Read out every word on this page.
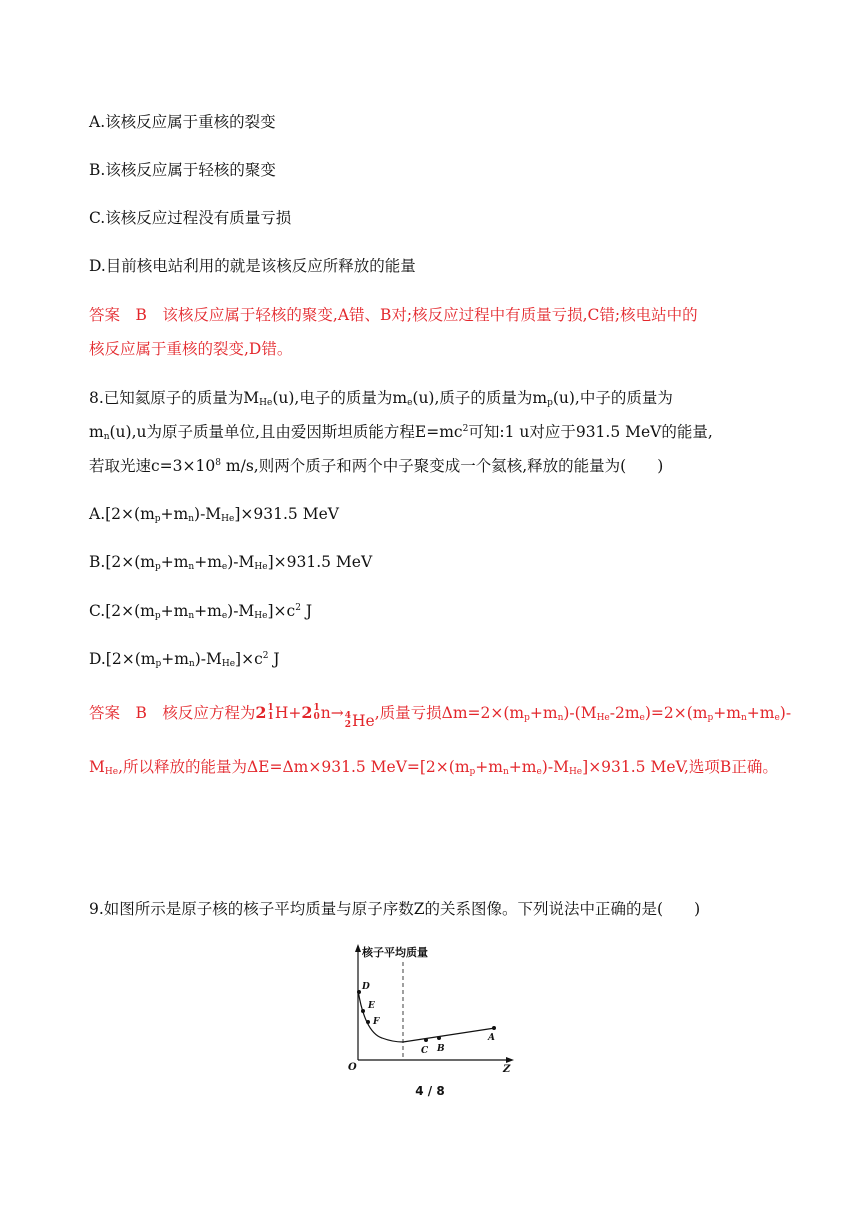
A.该核反应属于重核的裂变
B.该核反应属于轻核的聚变
C.该核反应过程没有质量亏损
D.目前核电站利用的就是该核反应所释放的能量
答案　B　该核反应属于轻核的聚变,A错、B对;核反应过程中有质量亏损,C错;核电站中的
核反应属于重核的裂变,D错。
8.已知氦原子的质量为$M_{He}(u)$,电子的质量为$m_e(u)$,质子的质量为$m_p(u)$,中子的质量为
$m_n(u),u$为原子质量单位,且由爱因斯坦质能方程$E=mc^2$可知:1 u对应于931.5 MeV的能量,
若取光速$c=3\times 10^8$ m/s,则两个质子和两个中子聚变成一个氦核,释放的能量为(　　)
$A.[2\times(m_p+m_n)-M_{He}]\times 931.5$ MeV
$B.[2\times(m_p+m_n+m_e)-M_{He}]\times 931.5$ MeV
$C.[2\times(m_p+m_n+m_e)-M_{He}]\times c^2$ J
$D.[2\times(m_p+m_n)-M_{He}]\times c^2$ J
答案　B　核反应方程为 2 1
1 H + 2 1
0 n → 4
2 He ,质量亏损$\Delta m=2\times(m_p+m_n)-(M_{He}-2m_e)=2\times(m_p+m_n+m_e)-$
$M_{He}$,所以释放的能量为ΔE=Δm×931.5 $MeV=[2\times(m_p+m_n+m_e)-M_{He}]\times 931.5$ MeV,选项B正确。
9.如图所示是原子核的核子平均质量与原子序数Z的关系图像。下列说法中正确的是(　　)
核子平均质量
O	Z
D
E
F
C B
A
4 / 8
